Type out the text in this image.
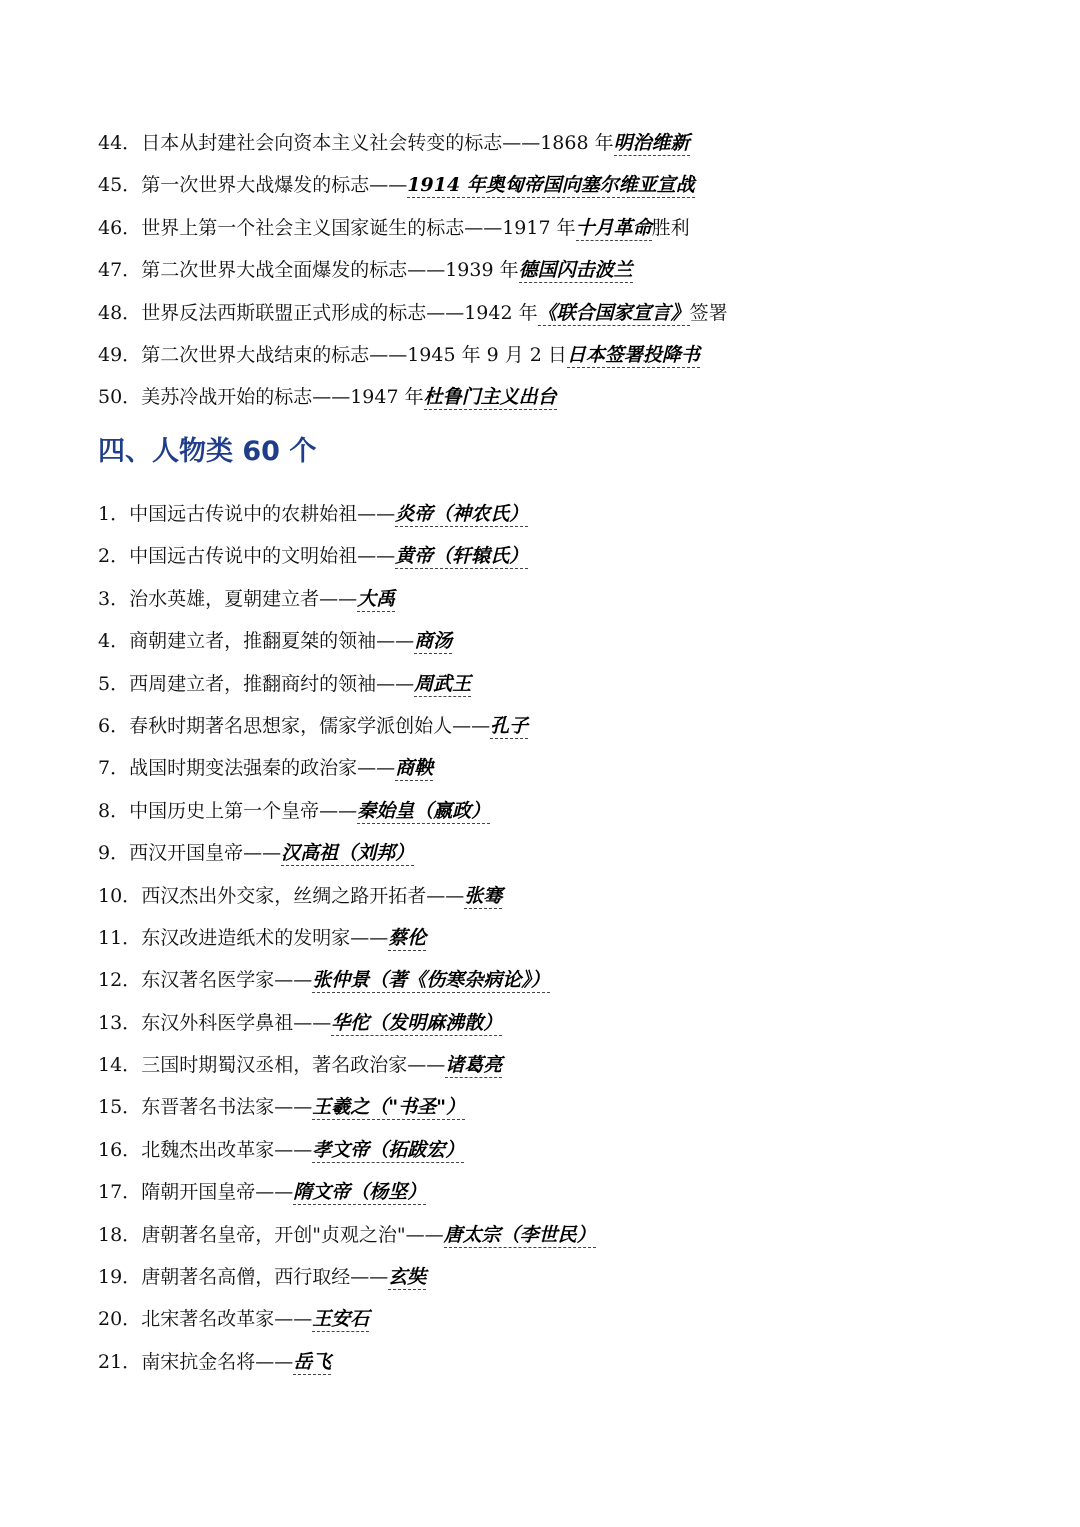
44．日本从封建社会向资本主义社会转变的标志——1868 年明治维新
45．第一次世界大战爆发的标志——1914 年奥匈帝国向塞尔维亚宣战
46．世界上第一个社会主义国家诞生的标志——1917 年十月革命胜利
47．第二次世界大战全面爆发的标志——1939 年德国闪击波兰
48．世界反法西斯联盟正式形成的标志——1942 年《联合国家宣言》签署
49．第二次世界大战结束的标志——1945 年 9 月 2 日日本签署投降书
50．美苏冷战开始的标志——1947 年杜鲁门主义出台
四、人物类 60 个
1．中国远古传说中的农耕始祖——炎帝（神农氏）
2．中国远古传说中的文明始祖——黄帝（轩辕氏）
3．治水英雄，夏朝建立者——大禹
4．商朝建立者，推翻夏桀的领袖——商汤
5．西周建立者，推翻商纣的领袖——周武王
6．春秋时期著名思想家，儒家学派创始人——孔子
7．战国时期变法强秦的政治家——商鞅
8．中国历史上第一个皇帝——秦始皇（嬴政）
9．西汉开国皇帝——汉高祖（刘邦）
10．西汉杰出外交家，丝绸之路开拓者——张骞
11．东汉改进造纸术的发明家——蔡伦
12．东汉著名医学家——张仲景（著《伤寒杂病论》）
13．东汉外科医学鼻祖——华佗（发明麻沸散）
14．三国时期蜀汉丞相，著名政治家——诸葛亮
15．东晋著名书法家——王羲之（"书圣"）
16．北魏杰出改革家——孝文帝（拓跋宏）
17．隋朝开国皇帝——隋文帝（杨坚）
18．唐朝著名皇帝，开创"贞观之治"——唐太宗（李世民）
19．唐朝著名高僧，西行取经——玄奘
20．北宋著名改革家——王安石
21．南宋抗金名将——岳飞
